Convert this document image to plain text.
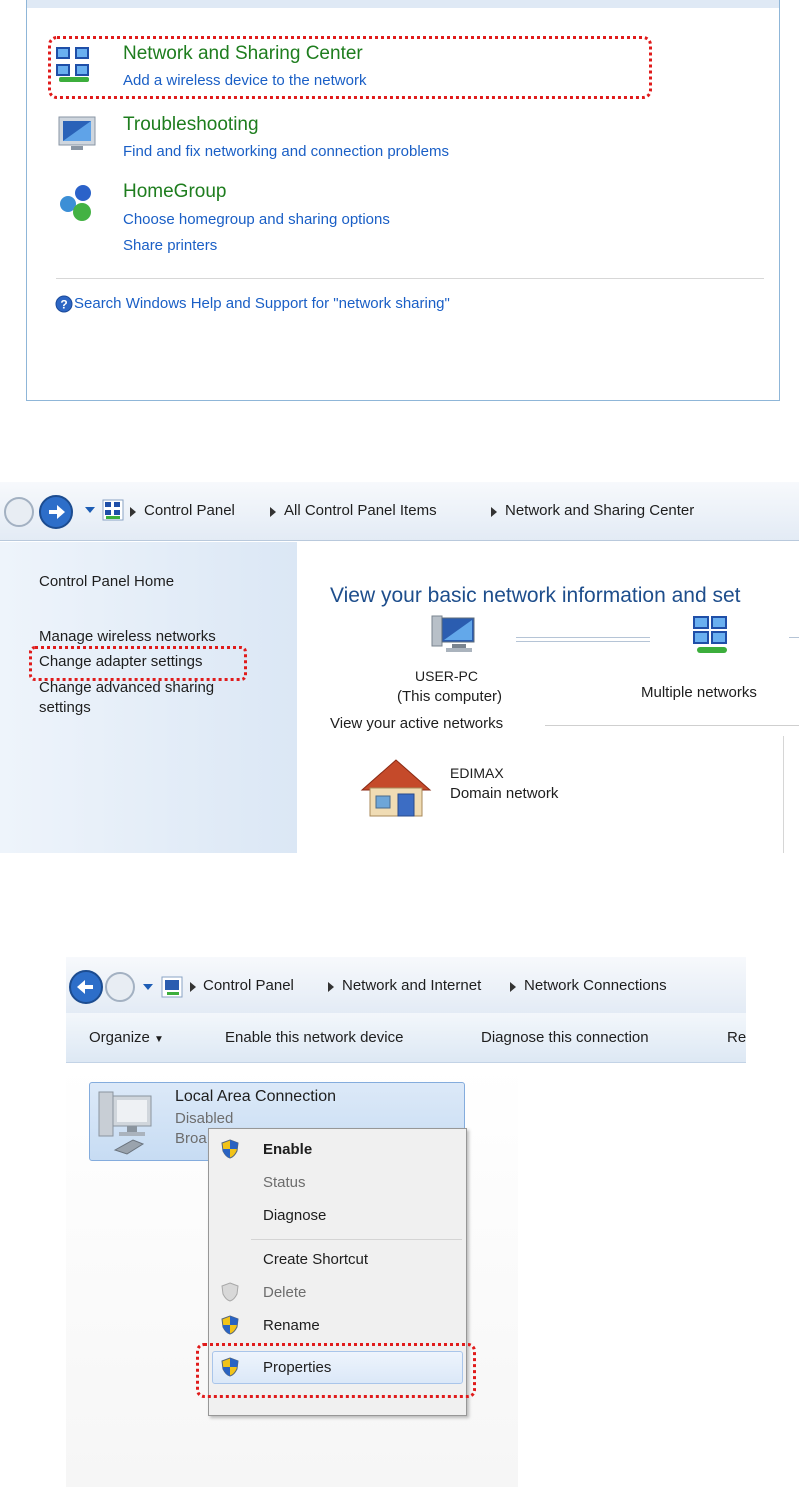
Network and Sharing Center
Add a wireless device to the network
Troubleshooting
Find and fix networking and connection problems
HomeGroup
Choose homegroup and sharing options
Share printers
? Search Windows Help and Support for "network sharing"
Control Panel	All Control Panel Items	Network and Sharing Center
Control Panel Home
Manage wireless networks
Change adapter settings
Change advanced sharing
settings
View your basic network information and set
USER-PC
(This computer)	Multiple networks
View your active networks
EDIMAX
Domain network
Control Panel	Network and Internet	Network Connections
Organize ▼	Enable this network device	Diagnose this connection	Re
Local Area Connection
Disabled
Broa
Enable
Status
Diagnose
Create Shortcut
Delete
Rename
Properties
